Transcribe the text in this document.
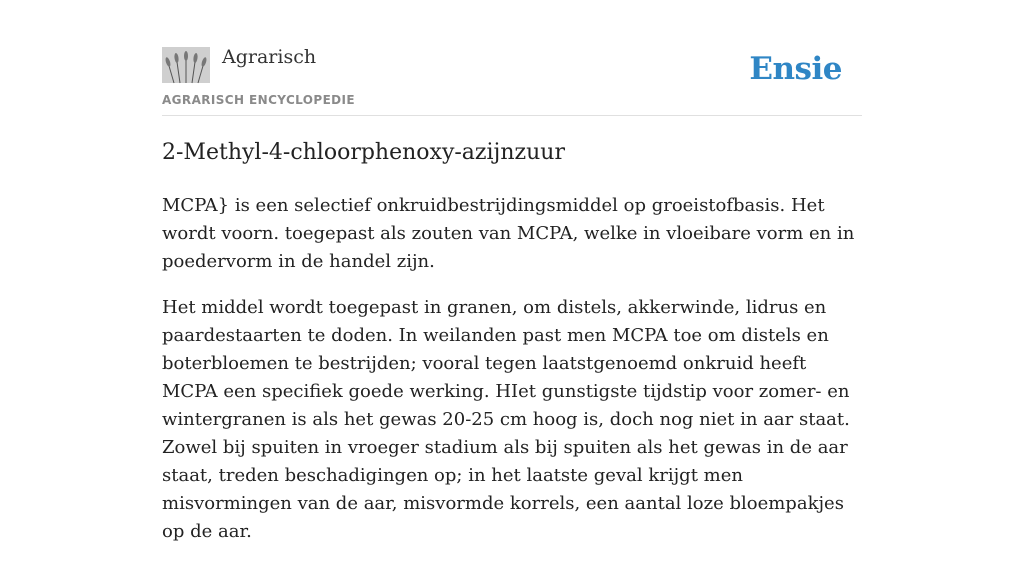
Agrarisch
AGRARISCH ENCYCLOPEDIE
Ensie
2-Methyl-4-chloorphenoxy-azijnzuur

MCPA} is een selectief onkruidbestrijdingsmiddel op groeistofbasis. Het wordt voorn. toegepast als zouten van MCPA, welke in vloeibare vorm en in poedervorm in de handel zijn.

Het middel wordt toegepast in granen, om distels, akkerwinde, lidrus en paardestaarten te doden. In weilanden past men MCPA toe om distels en boterbloemen te bestrijden; vooral tegen laatstgenoemd onkruid heeft MCPA een specifiek goede werking. HIet gunstigste tijdstip voor zomer- en wintergranen is als het gewas 20-25 cm hoog is, doch nog niet in aar staat. Zowel bij spuiten in vroeger stadium als bij spuiten als het gewas in de aar staat, treden beschadigingen op; in het laatste geval krijgt men misvormingen van de aar, misvormde korrels, een aantal loze bloempakjes op de aar.
